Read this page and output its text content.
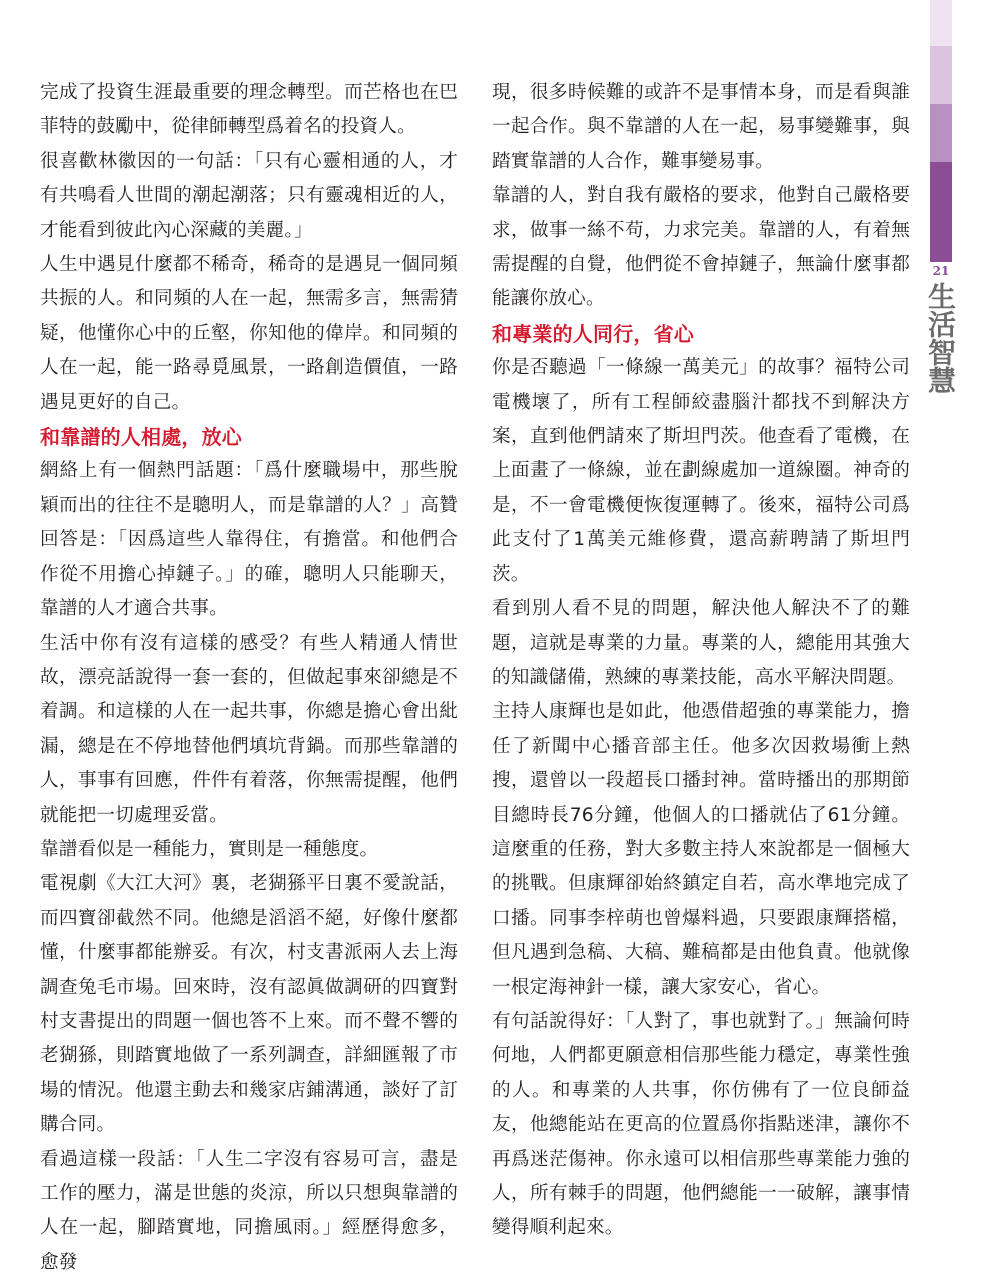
完成了投資生涯最重要的理念轉型。而芒格也在巴菲特的鼓勵中，從律師轉型爲着名的投資人。

很喜歡林徽因的一句話：「只有心靈相通的人，才有共鳴看人世間的潮起潮落；只有靈魂相近的人，才能看到彼此內心深藏的美麗。」

人生中遇見什麼都不稀奇，稀奇的是遇見一個同頻共振的人。和同頻的人在一起，無需多言，無需猜疑，他懂你心中的丘壑，你知他的偉岸。和同頻的人在一起，能一路尋覓風景，一路創造價值，一路遇見更好的自己。

和靠譜的人相處，放心

網絡上有一個熱門話題：「爲什麼職場中，那些脫穎而出的往往不是聰明人，而是靠譜的人？」高贊回答是：「因爲這些人靠得住，有擔當。和他們合作從不用擔心掉鏈子。」的確，聰明人只能聊天，靠譜的人才適合共事。

生活中你有沒有這樣的感受？有些人精通人情世故，漂亮話說得一套一套的，但做起事來卻總是不着調。和這樣的人在一起共事，你總是擔心會出紕漏，總是在不停地替他們填坑背鍋。而那些靠譜的人，事事有回應，件件有着落，你無需提醒，他們就能把一切處理妥當。

靠譜看似是一種能力，實則是一種態度。

電視劇《大江大河》裏，老猢猻平日裏不愛說話，而四寶卻截然不同。他總是滔滔不絕，好像什麼都懂，什麼事都能辦妥。有次，村支書派兩人去上海調查兔毛市場。回來時，沒有認眞做調研的四寶對村支書提出的問題一個也答不上來。而不聲不響的老猢猻，則踏實地做了一系列調查，詳細匯報了市場的情況。他還主動去和幾家店鋪溝通，談好了訂購合同。

看過這樣一段話：「人生二字沒有容易可言，盡是工作的壓力，滿是世態的炎涼，所以只想與靠譜的人在一起，腳踏實地，同擔風雨。」經歷得愈多，愈發

現，很多時候難的或許不是事情本身，而是看與誰一起合作。與不靠譜的人在一起，易事變難事，與踏實靠譜的人合作，難事變易事。

靠譜的人，對自我有嚴格的要求，他對自己嚴格要求，做事一絲不苟，力求完美。靠譜的人，有着無需提醒的自覺，他們從不會掉鏈子，無論什麼事都能讓你放心。

和專業的人同行，省心

你是否聽過「一條線一萬美元」的故事？福特公司電機壞了，所有工程師絞盡腦汁都找不到解決方案，直到他們請來了斯坦門茨。他查看了電機，在上面畫了一條線，並在劃線處加一道線圈。神奇的是，不一會電機便恢復運轉了。後來，福特公司爲此支付了1萬美元維修費，還高薪聘請了斯坦門茨。

看到別人看不見的問題，解決他人解決不了的難題，這就是專業的力量。專業的人，總能用其強大的知識儲備，熟練的專業技能，高水平解決問題。

主持人康輝也是如此，他憑借超強的專業能力，擔任了新聞中心播音部主任。他多次因救場衝上熱搜，還曾以一段超長口播封神。當時播出的那期節目總時長76分鐘，他個人的口播就佔了61分鐘。這麼重的任務，對大多數主持人來說都是一個極大的挑戰。但康輝卻始終鎮定自若，高水準地完成了口播。同事李梓萌也曾爆料過，只要跟康輝搭檔，但凡遇到急稿、大稿、難稿都是由他負責。他就像一根定海神針一樣，讓大家安心，省心。

有句話說得好：「人對了，事也就對了。」無論何時何地，人們都更願意相信那些能力穩定，專業性強的人。和專業的人共事，你仿佛有了一位良師益友，他總能站在更高的位置爲你指點迷津，讓你不再爲迷茫傷神。你永遠可以相信那些專業能力強的人，所有棘手的問題，他們總能一一破解，讓事情變得順利起來。

21
生活智慧
